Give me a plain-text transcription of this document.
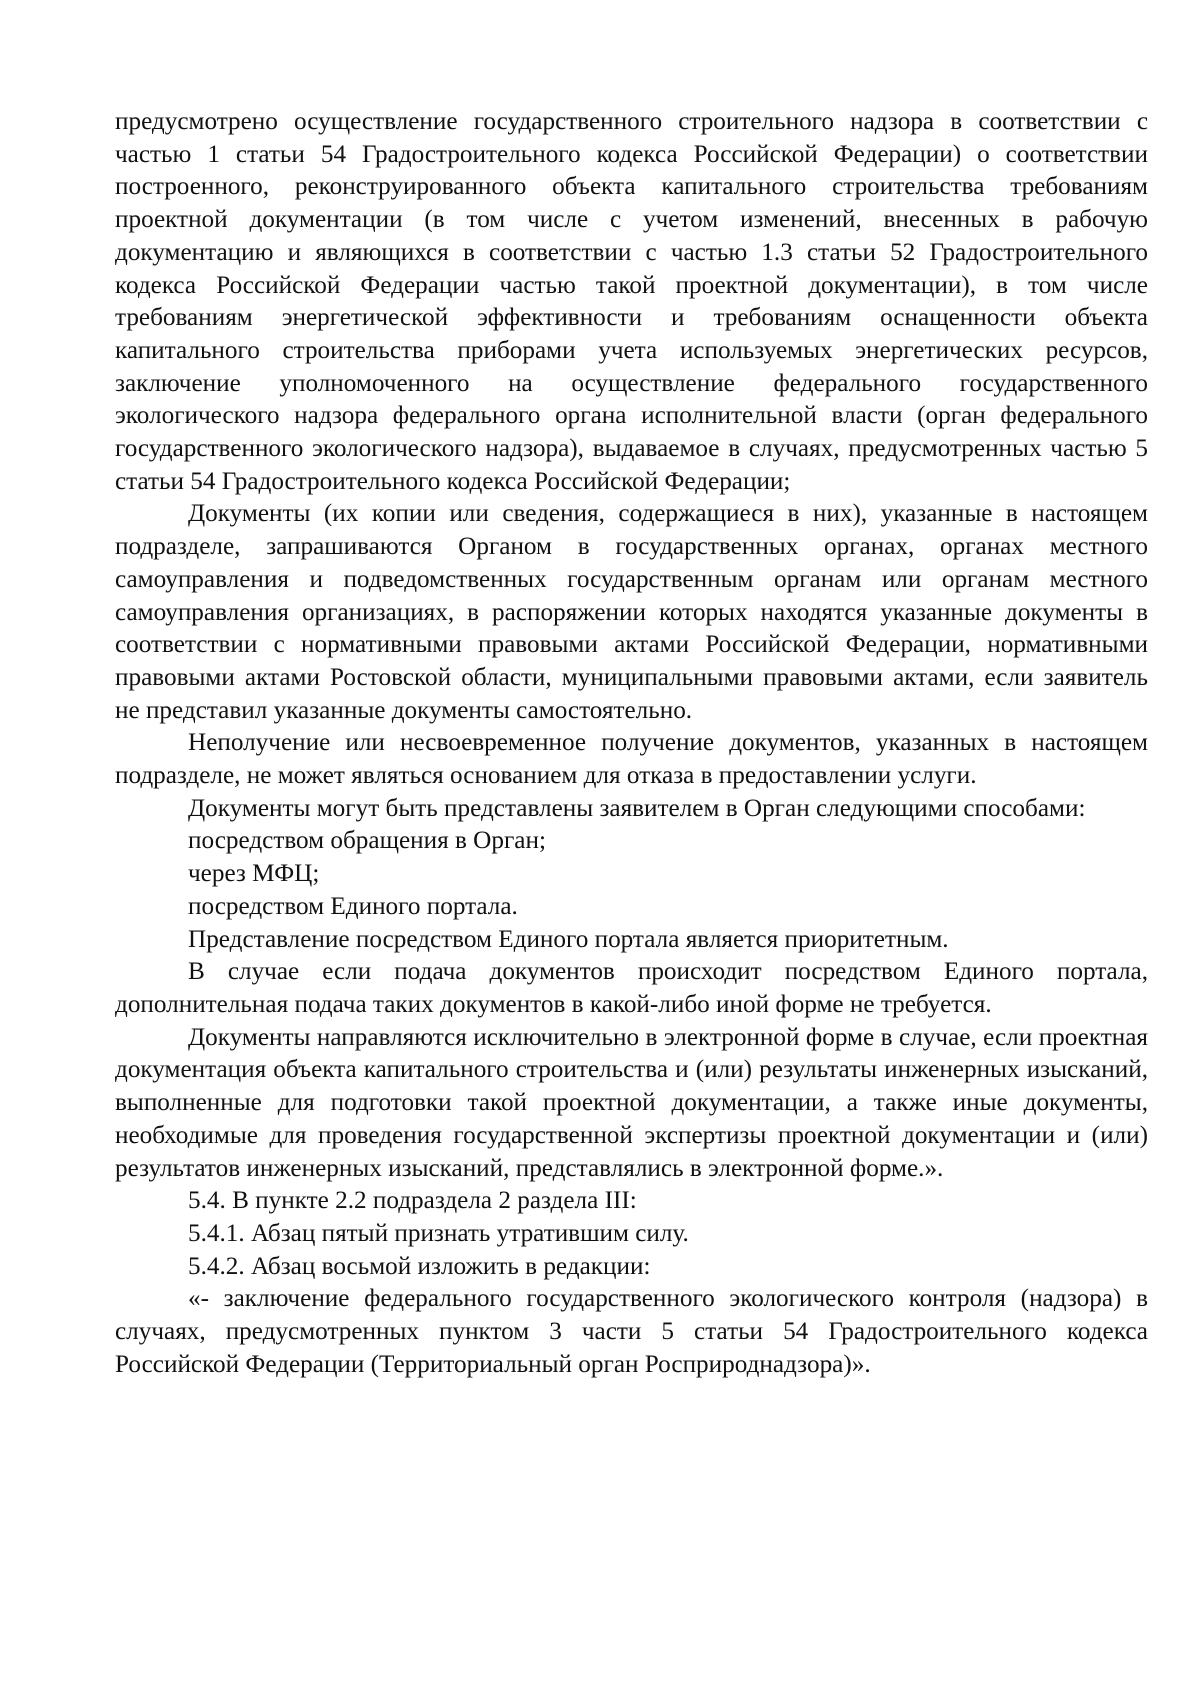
предусмотрено осуществление государственного строительного надзора в соответствии с частью 1 статьи 54 Градостроительного кодекса Российской Федерации) о соответствии построенного, реконструированного объекта капитального строительства требованиям проектной документации (в том числе с учетом изменений, внесенных в рабочую документацию и являющихся в соответствии с частью 1.3 статьи 52 Градостроительного кодекса Российской Федерации частью такой проектной документации), в том числе требованиям энергетической эффективности и требованиям оснащенности объекта капитального строительства приборами учета используемых энергетических ресурсов, заключение уполномоченного на осуществление федерального государственного экологического надзора федерального органа исполнительной власти (орган федерального государственного экологического надзора), выдаваемое в случаях, предусмотренных частью 5 статьи 54 Градостроительного кодекса Российской Федерации;

Документы (их копии или сведения, содержащиеся в них), указанные в настоящем подразделе, запрашиваются Органом в государственных органах, органах местного самоуправления и подведомственных государственным органам или органам местного самоуправления организациях, в распоряжении которых находятся указанные документы в соответствии с нормативными правовыми актами Российской Федерации, нормативными правовыми актами Ростовской области, муниципальными правовыми актами, если заявитель не представил указанные документы самостоятельно.

Неполучение или несвоевременное получение документов, указанных в настоящем подразделе, не может являться основанием для отказа в предоставлении услуги.

Документы могут быть представлены заявителем в Орган следующими способами:

посредством обращения в Орган;

через МФЦ;

посредством Единого портала.

Представление посредством Единого портала является приоритетным.

В случае если подача документов происходит посредством Единого портала, дополнительная подача таких документов в какой-либо иной форме не требуется.

Документы направляются исключительно в электронной форме в случае, если проектная документация объекта капитального строительства и (или) результаты инженерных изысканий, выполненные для подготовки такой проектной документации, а также иные документы, необходимые для проведения государственной экспертизы проектной документации и (или) результатов инженерных изысканий, представлялись в электронной форме.».

5.4. В пункте 2.2 подраздела 2 раздела III:

5.4.1. Абзац пятый признать утратившим силу.

5.4.2. Абзац восьмой изложить в редакции:

«- заключение федерального государственного экологического контроля (надзора) в случаях, предусмотренных пунктом 3 части 5 статьи 54 Градостроительного кодекса Российской Федерации (Территориальный орган Росприроднадзора)».
